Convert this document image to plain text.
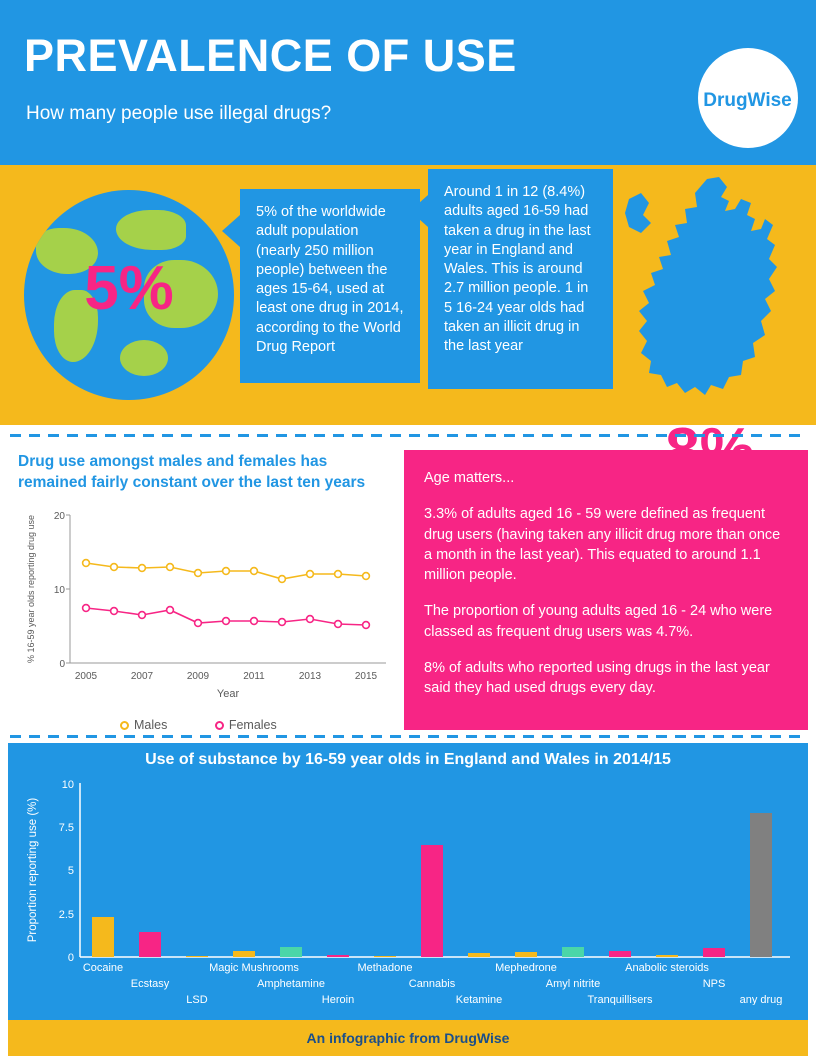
PREVALENCE OF USE
How many people use illegal drugs?
DrugWise
5%
5% of the worldwide adult population (nearly 250 million people) between the ages 15-64, used at least one drug in 2014, according to the World Drug Report
Around 1 in 12 (8.4%) adults aged 16-59 had taken a drug in the last year in England and Wales. This is around 2.7 million people. 1 in 5 16-24 year olds had taken an illicit drug in the last year
Drug use amongst males and females has remained fairly constant over the last ten years
0
10
20
2005	2007	2009	2011	2013	2015
Year
% 16-59 year olds reporting drug use
Males	Females

Age matters...

3.3% of adults aged 16 - 59 were defined as frequent drug users (having taken any illicit drug more than once a month in the last year). This equated to around 1.1 million people.

The proportion of young adults aged 16 - 24 who were classed as frequent drug users was 4.7%.

8% of adults who reported using drugs in the last year said they had used drugs every day.

Use of substance by 16-59 year olds in England and Wales in 2014/15
0
2.5
5
7.5
10
Proportion reporting use (%)
Cocaine
Ecstasy
LSD
Magic Mushrooms
Amphetamine
Heroin
Methadone
Cannabis
Ketamine
Mephedrone
Amyl nitrite
Tranquillisers
Anabolic steroids
NPS
any drug
An infographic from DrugWise
